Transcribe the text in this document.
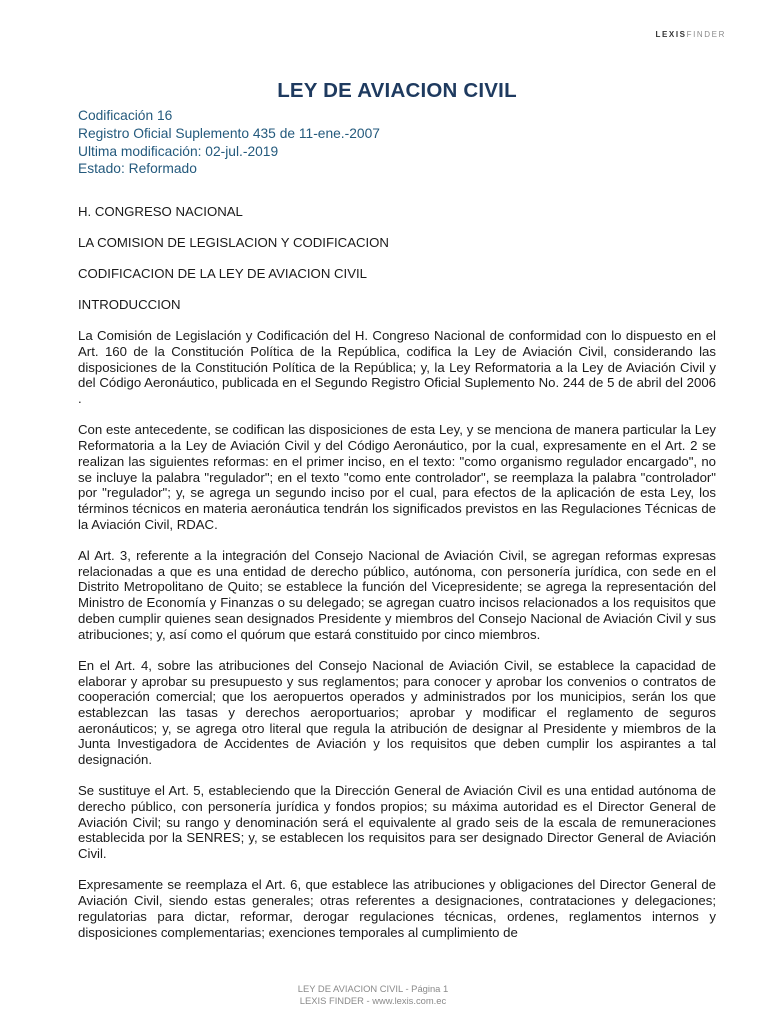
LEXISFINDER
LEY DE AVIACION CIVIL
Codificación 16
Registro Oficial Suplemento 435 de 11-ene.-2007
Ultima modificación: 02-jul.-2019
Estado: Reformado

H. CONGRESO NACIONAL

LA COMISION DE LEGISLACION Y CODIFICACION

CODIFICACION DE LA LEY DE AVIACION CIVIL

INTRODUCCION

La Comisión de Legislación y Codificación del H. Congreso Nacional de conformidad con lo dispuesto en el Art. 160 de la Constitución Política de la República, codifica la Ley de Aviación Civil, considerando las disposiciones de la Constitución Política de la República; y, la Ley Reformatoria a la Ley de Aviación Civil y del Código Aeronáutico, publicada en el Segundo Registro Oficial Suplemento No. 244 de 5 de abril del 2006 .

Con este antecedente, se codifican las disposiciones de esta Ley, y se menciona de manera particular la Ley Reformatoria a la Ley de Aviación Civil y del Código Aeronáutico, por la cual, expresamente en el Art. 2 se realizan las siguientes reformas: en el primer inciso, en el texto: "como organismo regulador encargado", no se incluye la palabra "regulador"; en el texto "como ente controlador", se reemplaza la palabra "controlador" por "regulador"; y, se agrega un segundo inciso por el cual, para efectos de la aplicación de esta Ley, los términos técnicos en materia aeronáutica tendrán los significados previstos en las Regulaciones Técnicas de la Aviación Civil, RDAC.

Al Art. 3, referente a la integración del Consejo Nacional de Aviación Civil, se agregan reformas expresas relacionadas a que es una entidad de derecho público, autónoma, con personería jurídica, con sede en el Distrito Metropolitano de Quito; se establece la función del Vicepresidente; se agrega la representación del Ministro de Economía y Finanzas o su delegado; se agregan cuatro incisos relacionados a los requisitos que deben cumplir quienes sean designados Presidente y miembros del Consejo Nacional de Aviación Civil y sus atribuciones; y, así como el quórum que estará constituido por cinco miembros.

En el Art. 4, sobre las atribuciones del Consejo Nacional de Aviación Civil, se establece la capacidad de elaborar y aprobar su presupuesto y sus reglamentos; para conocer y aprobar los convenios o contratos de cooperación comercial; que los aeropuertos operados y administrados por los municipios, serán los que establezcan las tasas y derechos aeroportuarios; aprobar y modificar el reglamento de seguros aeronáuticos; y, se agrega otro literal que regula la atribución de designar al Presidente y miembros de la Junta Investigadora de Accidentes de Aviación y los requisitos que deben cumplir los aspirantes a tal designación.

Se sustituye el Art. 5, estableciendo que la Dirección General de Aviación Civil es una entidad autónoma de derecho público, con personería jurídica y fondos propios; su máxima autoridad es el Director General de Aviación Civil; su rango y denominación será el equivalente al grado seis de la escala de remuneraciones establecida por la SENRES; y, se establecen los requisitos para ser designado Director General de Aviación Civil.

Expresamente se reemplaza el Art. 6, que establece las atribuciones y obligaciones del Director General de Aviación Civil, siendo estas generales; otras referentes a designaciones, contrataciones y delegaciones; regulatorias para dictar, reformar, derogar regulaciones técnicas, ordenes, reglamentos internos y disposiciones complementarias; exenciones temporales al cumplimiento de

LEY DE AVIACION CIVIL - Página 1
LEXIS FINDER - www.lexis.com.ec
